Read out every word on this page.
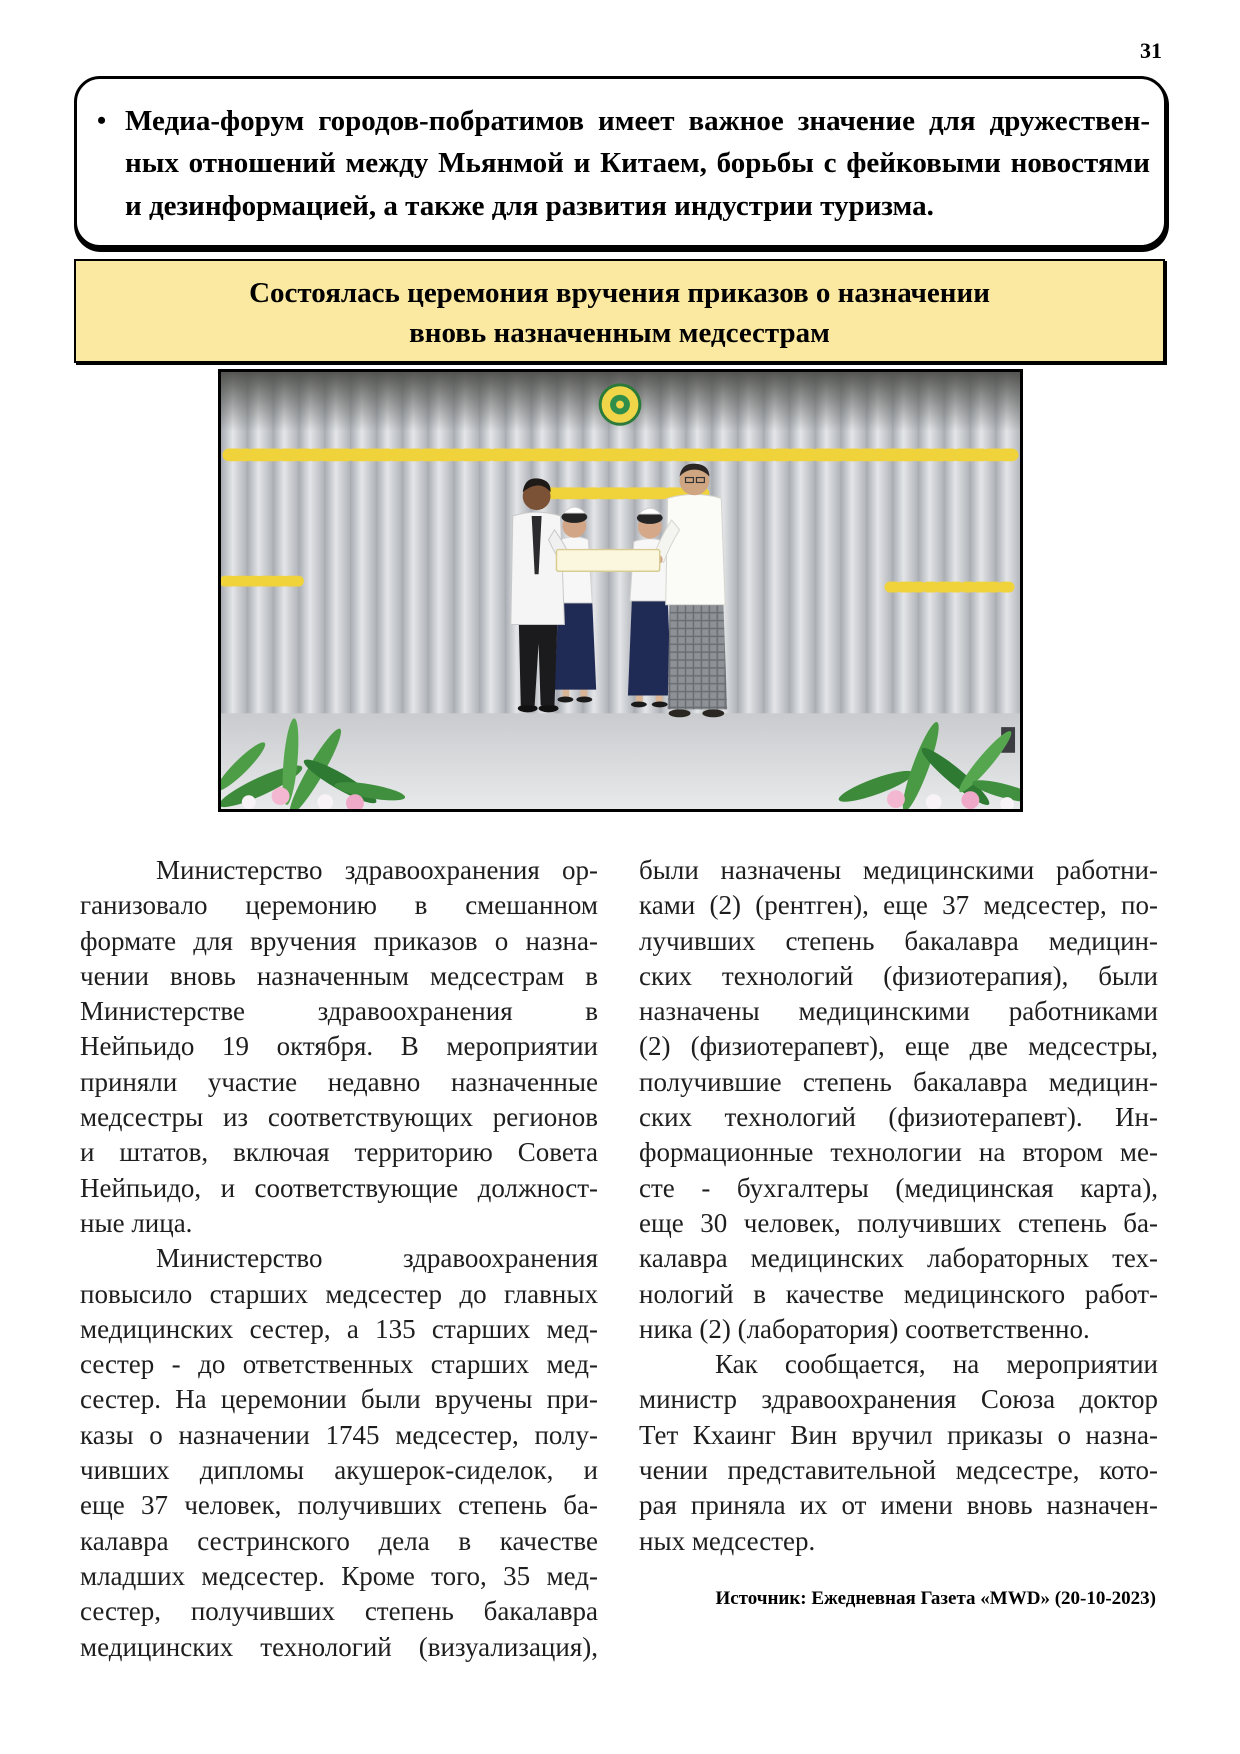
31
• Медиа-форум городов-побратимов имеет важное значение для дружествен-
ных отношений между Мьянмой и Китаем, борьбы с фейковыми новостями
и дезинформацией, а также для развития индустрии туризма.
Состоялась церемония вручения приказов о назначении
вновь назначенным медсестрам
Министерство здравоохранения ор-
ганизовало церемонию в смешанном
формате для вручения приказов о назна-
чении вновь назначенным медсестрам в
Министерстве здравоохранения в
Нейпьидо 19 октября. В мероприятии
приняли участие недавно назначенные
медсестры из соответствующих регионов
и штатов, включая территорию Совета
Нейпьидо, и соответствующие должност-
ные лица.
Министерство здравоохранения
повысило старших медсестер до главных
медицинских сестер, а 135 старших мед-
сестер - до ответственных старших мед-
сестер. На церемонии были вручены при-
казы о назначении 1745 медсестер, полу-
чивших дипломы акушерок-сиделок, и
еще 37 человек, получивших степень ба-
калавра сестринского дела в качестве
младших медсестер. Кроме того, 35 мед-
сестер, получивших степень бакалавра
медицинских технологий (визуализация),
были назначены медицинскими работни-
ками (2) (рентген), еще 37 медсестер, по-
лучивших степень бакалавра медицин-
ских технологий (физиотерапия), были
назначены медицинскими работниками
(2) (физиотерапевт), еще две медсестры,
получившие степень бакалавра медицин-
ских технологий (физиотерапевт). Ин-
формационные технологии на втором ме-
сте - бухгалтеры (медицинская карта),
еще 30 человек, получивших степень ба-
калавра медицинских лабораторных тех-
нологий в качестве медицинского работ-
ника (2) (лаборатория) соответственно.
Как сообщается, на мероприятии
министр здравоохранения Союза доктор
Тет Кхаинг Вин вручил приказы о назна-
чении представительной медсестре, кото-
рая приняла их от имени вновь назначен-
ных медсестер.
Источник: Ежедневная Газета «MWD» (20-10-2023)
